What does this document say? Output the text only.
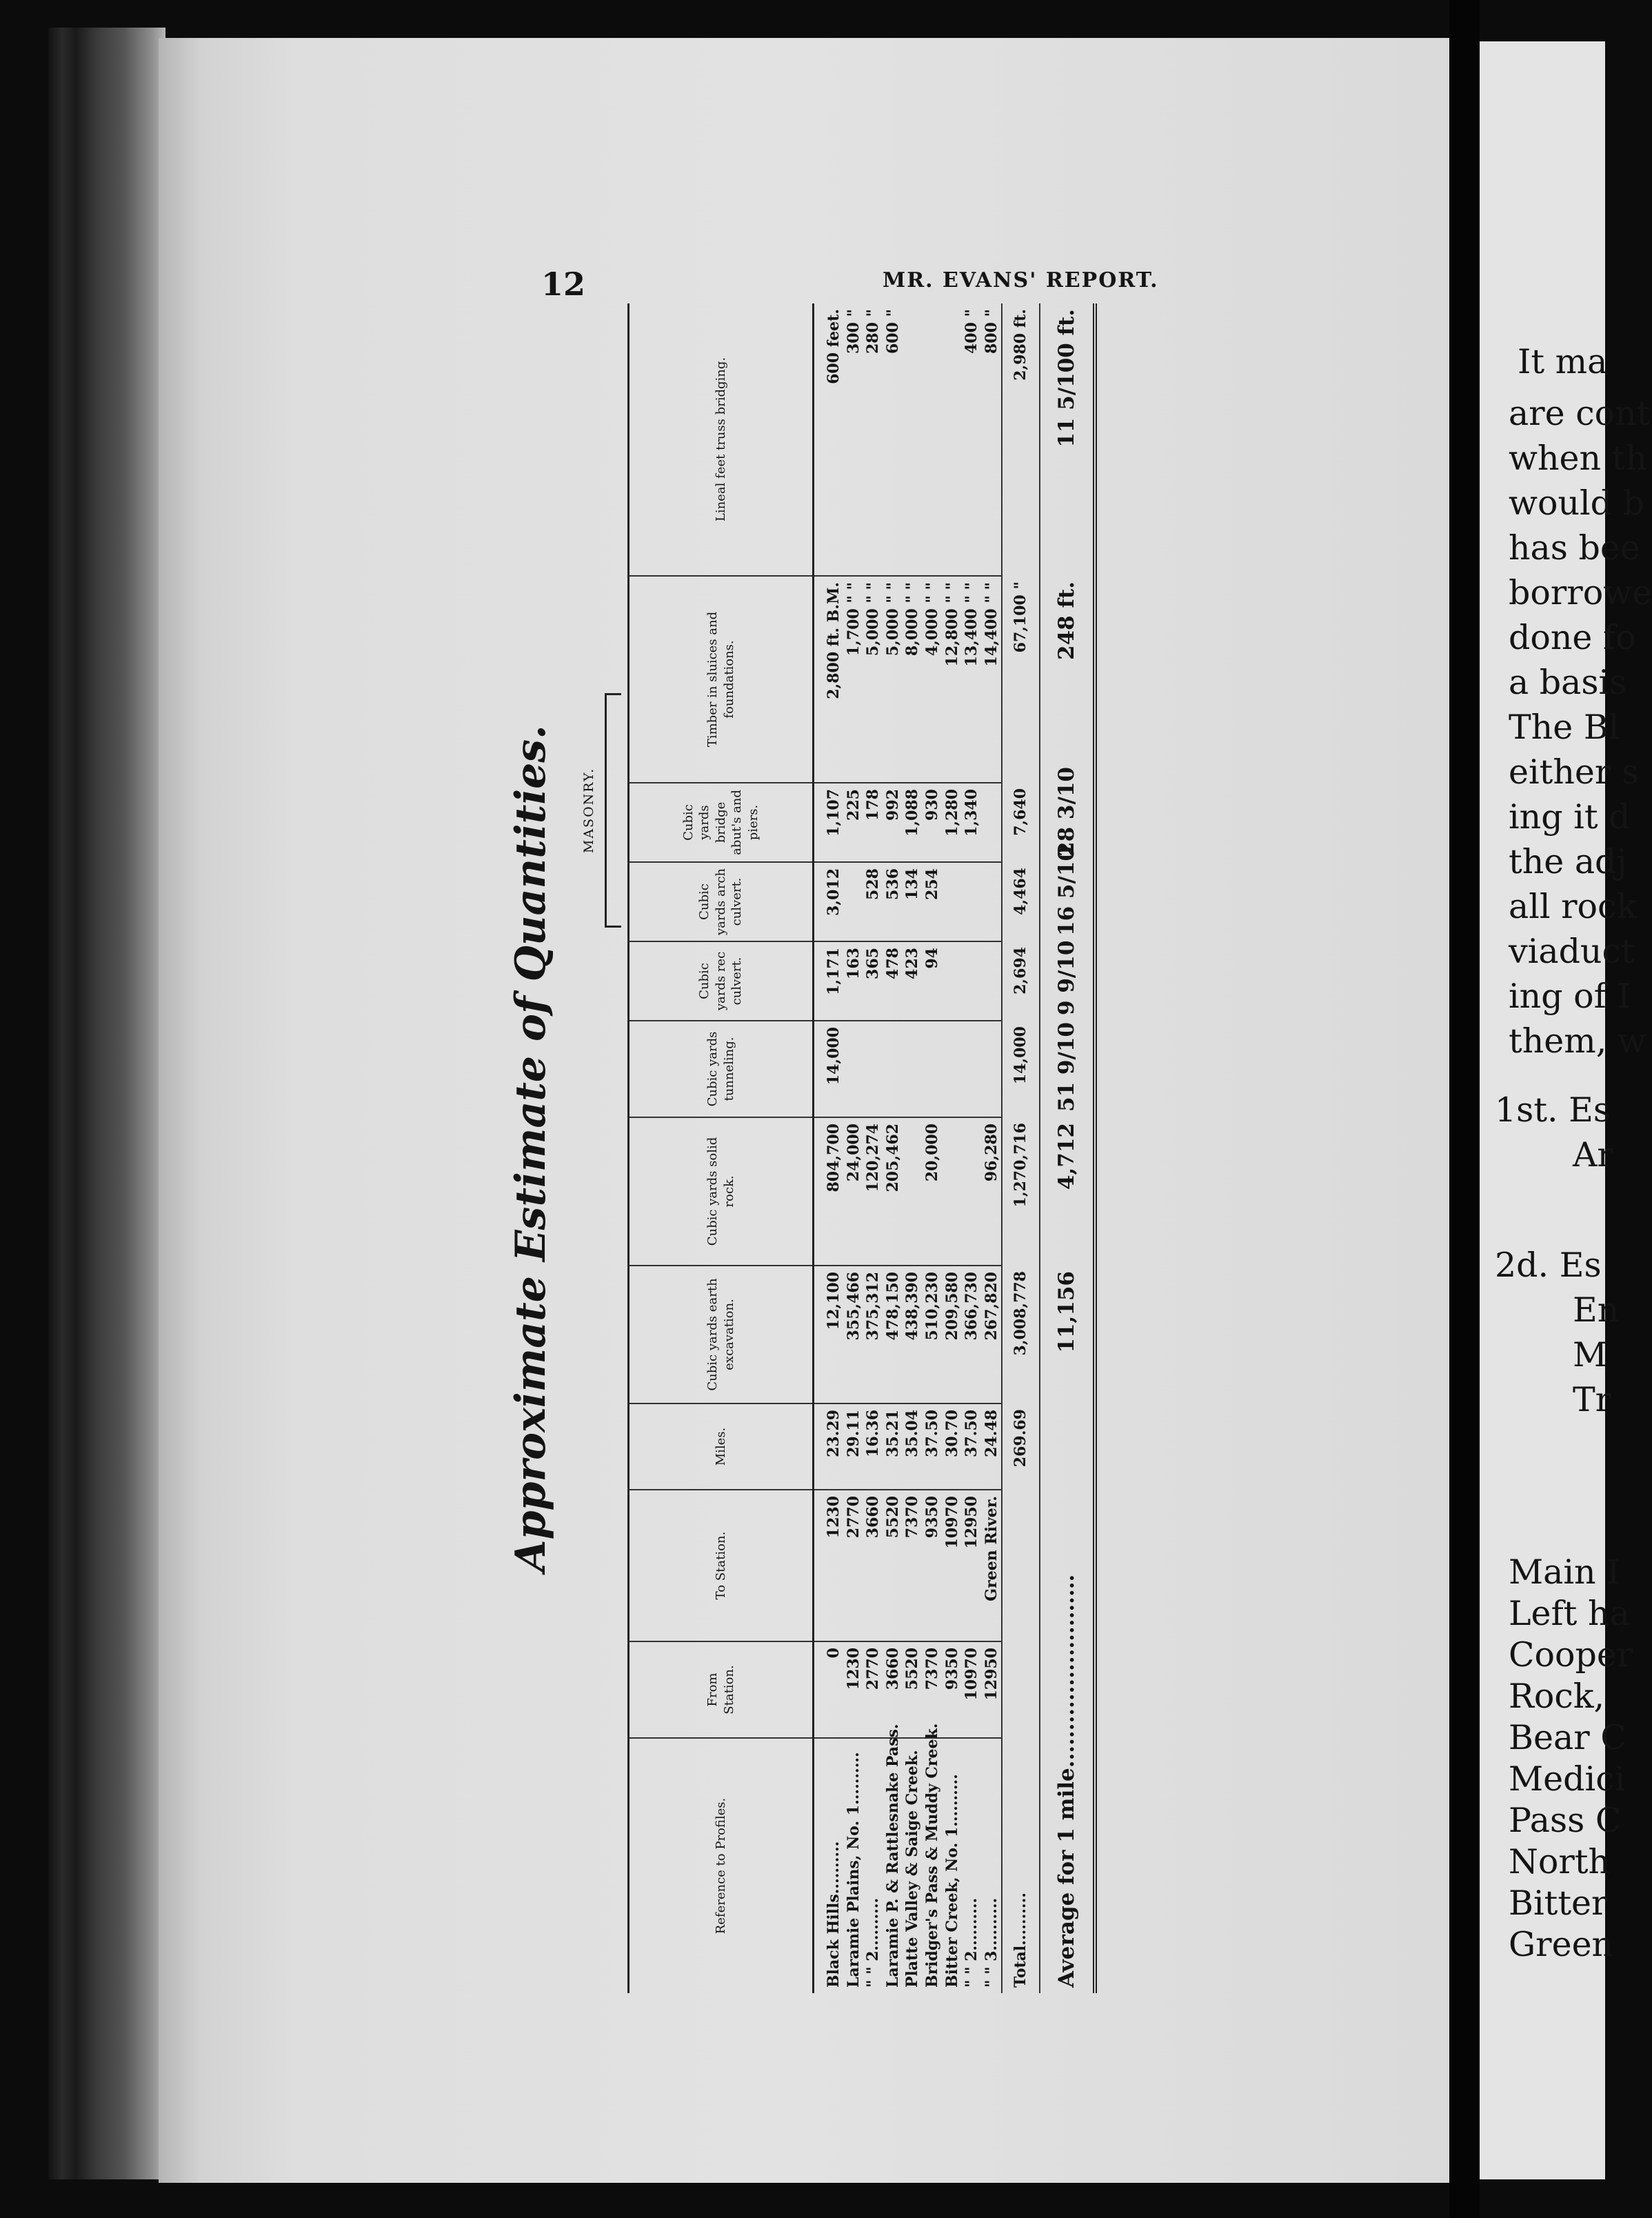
12	MR. EVANS' REPORT.
Approximate Estimate of Quantities. MASONRY.
Reference to Profiles.	From Station.	To Station.	Miles.	Cubic yards earth excavation.	Cubic yards solid rock.	Cubic yards tunneling.	Cubic yards rec culvert.	Cubic yards arch culvert.	Cubic yards bridge abut's and piers.	Timber in sluices and foundations.	Lineal feet truss bridging.
Black Hills..........	0	1230	23.29	12,100	804,700	14,000	1,171	3,012	1,107	2,800 ft. B.M.	600 feet.
Laramie Plains, No. 1..........	1230	2770	29.11	355,466	24,000		163		225	1,700 " "	300 "
" " 2..........	2770	3660	16.36	375,312	120,274		365	528	178	5,000 " "	280 "
Laramie P. & Rattlesnake Pass.	3660	5520	35.21	478,150	205,462		478	536	992	5,000 " "	600 "
Platte Valley & Saige Creek.	5520	7370	35.04	438,390			423	134	1,088	8,000 " "	
Bridger's Pass & Muddy Creek.	7370	9350	37.50	510,230	20,000		94	254	930	4,000 " "	
Bitter Creek, No. 1..........	9350	10970	30.70	209,580					1,280	12,800 " "	
" " 2..........	10970	12950	37.50	366,730					1,340	13,400 " "	400 "
" " 3..........	12950	Green River.	24.48	267,820	96,280					14,400 " "	800 "
Total..........			269.69	3,008,778	1,270,716	14,000	2,694	4,464	7,640	67,100 "	2,980 ft.
Average for 1 mile..........................				11,156	4,712	51 9/10	9 9/10	16 5/10	28 3/10	248 ft.	11 5/100 ft.	It ma
are cont
when th
would b
has bee
borrowe
done fo
a basis
The Bl
either s
ing it d
the adj
all rock
viaduct
ing of I
them, w
1st. Es
Ar
2d. Es
En
M
Tr
Main I
Left ha
Cooper
Rock,
Bear C
Medici
Pass C
North
Bitter
Green
